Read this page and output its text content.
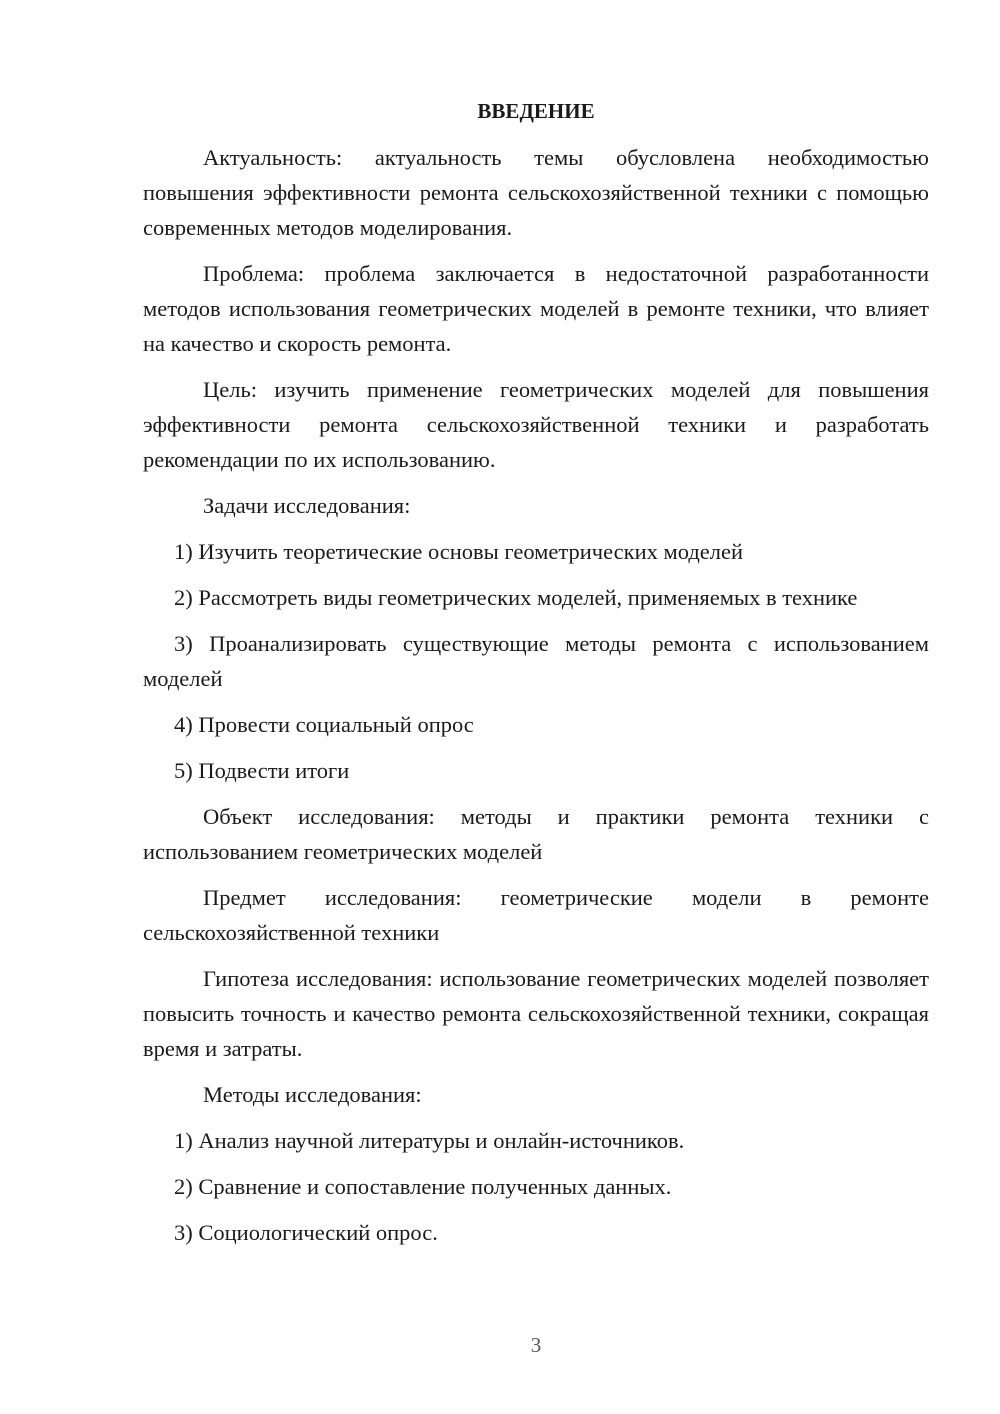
ВВЕДЕНИЕ
Актуальность: актуальность темы обусловлена необходимостью повышения эффективности ремонта сельскохозяйственной техники с помощью современных методов моделирования.
Проблема: проблема заключается в недостаточной разработанности методов использования геометрических моделей в ремонте техники, что влияет на качество и скорость ремонта.
Цель: изучить применение геометрических моделей для повышения эффективности ремонта сельскохозяйственной техники и разработать рекомендации по их использованию.
Задачи исследования:
1) Изучить теоретические основы геометрических моделей
2) Рассмотреть виды геометрических моделей, применяемых в технике
3) Проанализировать существующие методы ремонта с использованием моделей
4) Провести социальный опрос
5) Подвести итоги
Объект исследования: методы и практики ремонта техники с использованием геометрических моделей
Предмет исследования: геометрические модели в ремонте сельскохозяйственной техники
Гипотеза исследования: использование геометрических моделей позволяет повысить точность и качество ремонта сельскохозяйственной техники, сокращая время и затраты.
Методы исследования:
1) Анализ научной литературы и онлайн-источников.
2) Сравнение и сопоставление полученных данных.
3) Социологический опрос.
3
